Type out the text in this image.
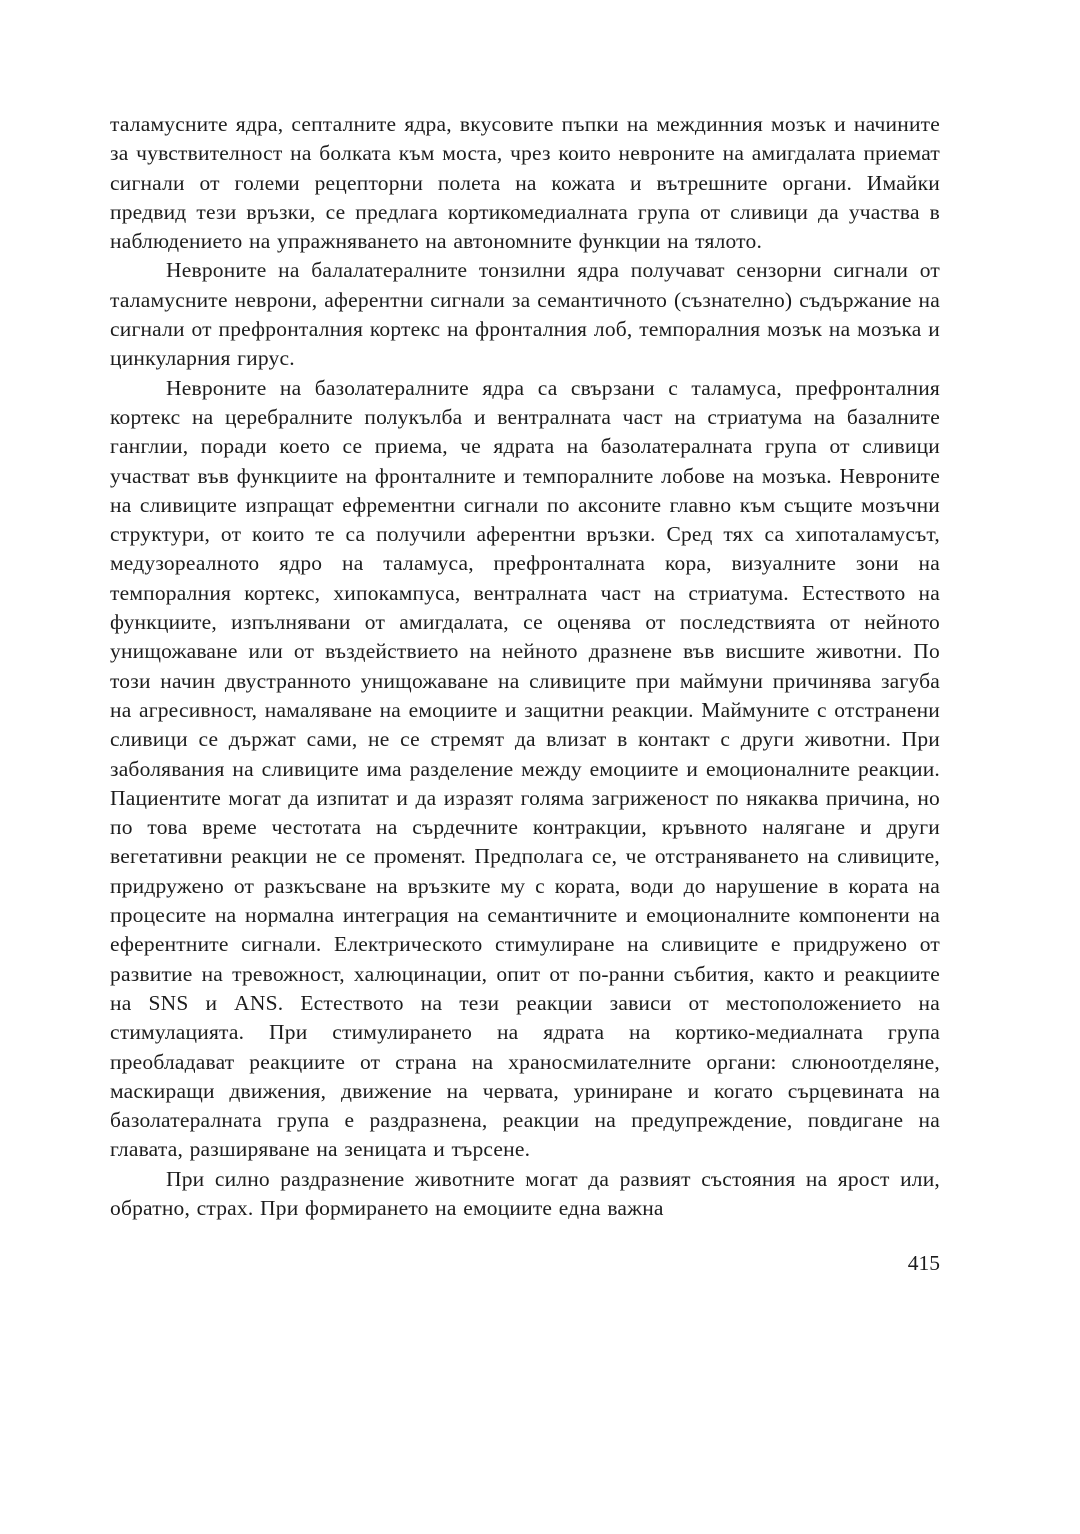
таламусните ядра, септалните ядра, вкусовите пъпки на междинния мозък и начините за чувствителност на болката към моста, чрез които невроните на амигдалата приемат сигнали от големи рецепторни полета на кожата и вътрешните органи. Имайки предвид тези връзки, се предлага кортикомедиалната група от сливици да участва в наблюдението на упражняването на автономните функции на тялото.

Невроните на балалатералните тонзилни ядра получават сензорни сигнали от таламусните неврони, аферентни сигнали за семантичното (съзнателно) съдържание на сигнали от префронталния кортекс на фронталния лоб, темпоралния мозък на мозъка и цинкуларния гирус.

Невроните на базолатералните ядра са свързани с таламуса, префронталния кортекс на церебралните полукълба и вентралната част на стриатума на базалните ганглии, поради което се приема, че ядрата на базолатералната група от сливици участват във функциите на фронталните и темпоралните лобове на мозъка. Невроните на сливиците изпращат ефрементни сигнали по аксоните главно към същите мозъчни структури, от които те са получили аферентни връзки. Сред тях са хипоталамусът, медузореалното ядро на таламуса, префронталната кора, визуалните зони на темпоралния кортекс, хипокампуса, вентралната част на стриатума. Естеството на функциите, изпълнявани от амигдалата, се оценява от последствията от нейното унищожаване или от въздействието на нейното дразнене във висшите животни. По този начин двустранното унищожаване на сливиците при маймуни причинява загуба на агресивност, намаляване на емоциите и защитни реакции. Маймуните с отстранени сливици се държат сами, не се стремят да влизат в контакт с други животни. При заболявания на сливиците има разделение между емоциите и емоционалните реакции. Пациентите могат да изпитат и да изразят голяма загриженост по някаква причина, но по това време честотата на сърдечните контракции, кръвното налягане и други вегетативни реакции не се променят. Предполага се, че отстраняването на сливиците, придружено от разкъсване на връзките му с кората, води до нарушение в кората на процесите на нормална интеграция на семантичните и емоционалните компоненти на еферентните сигнали. Електрическото стимулиране на сливиците е придружено от развитие на тревожност, халюцинации, опит от по-ранни събития, както и реакциите на SNS и ANS. Естеството на тези реакции зависи от местоположението на стимулацията. При стимулирането на ядрата на кортико-медиалната група преобладават реакциите от страна на храносмилателните органи: слюноотделяне, маскиращи движения, движение на червата, уриниране и когато сърцевината на базолатералната група е раздразнена, реакции на предупреждение, повдигане на главата, разширяване на зеницата и търсене.

При силно раздразнение животните могат да развият състояния на ярост или, обратно, страх. При формирането на емоциите една важна

415
